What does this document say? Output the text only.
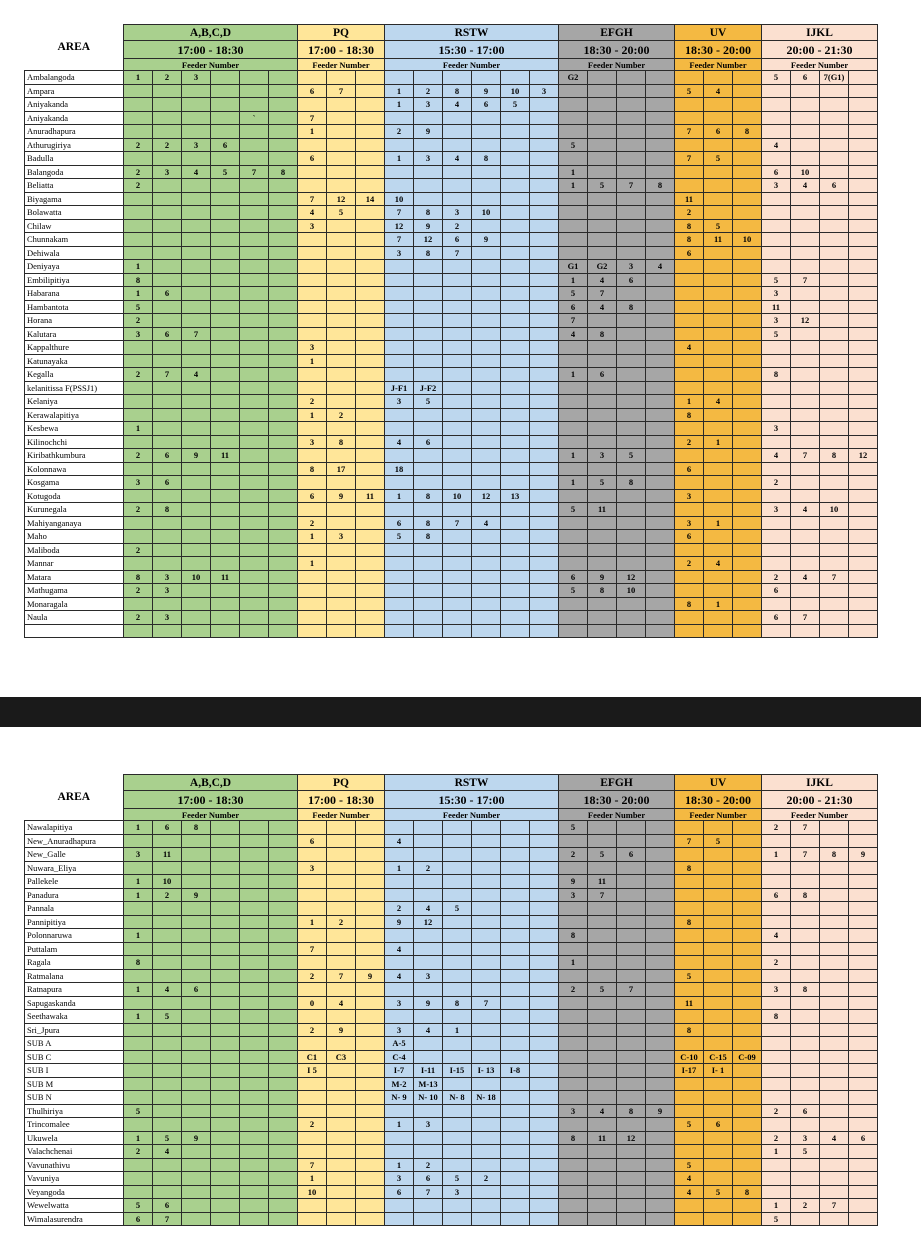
AREA	A,B,C,D						PQ			RSTW						EFGH				UV			IJKL			
	17:00 - 18:30						17:00 - 18:30			15:30 - 17:00						18:30 - 20:00				18:30 - 20:00			20:00 - 21:30			
	Feeder Number						Feeder Number			Feeder Number						Feeder Number				Feeder Number			Feeder Number			
Ambalangoda	1	2	3													G2							5	6	7(G1)	
Ampara							6	7		1	2	8	9	10	3					5	4					
Aniyakanda										1	3	4	6	5												
Aniyakanda					`		7																			
Anuradhapura							1			2	9									7	6	8				
Athurugiriya	2	2	3	6												5							4			
Badulla							6			1	3	4	8							7	5					
Balangoda	2	3	4	5	7	8										1							6	10		
Beliatta	2															1	5	7	8				3	4	6	
Biyagama							7	12	14	10										11						
Bolawatta							4	5		7	8	3	10							2						
Chilaw							3			12	9	2								8	5					
Chunnakam										7	12	6	9							8	11	10				
Dehiwala										3	8	7								6						
Deniyaya	1															G1	G2	3	4							
Embilipitiya	8															1	4	6					5	7		
Habarana	1	6														5	7						3			
Hambantota	5															6	4	8					11			
Horana	2															7							3	12		
Kalutara	3	6	7													4	8						5			
Kappalthure							3													4						
Katunayaka							1																			
Kegalla	2	7	4													1	6						8			
kelanitissa F(PSSJ1)										J-F1	J-F2															
Kelaniya							2			3	5									1	4					
Kerawalapitiya							1	2												8						
Kesbewa	1																						3			
Kilinochchi							3	8		4	6									2	1					
Kiribathkumbura	2	6	9	11												1	3	5					4	7	8	12
Kolonnawa							8	17		18										6						
Kosgama	3	6														1	5	8					2			
Kotugoda							6	9	11	1	8	10	12	13						3						
Kurunegala	2	8														5	11						3	4	10	
Mahiyanganaya							2			6	8	7	4							3	1					
Maho							1	3		5	8									6						
Maliboda	2																									
Mannar							1													2	4					
Matara	8	3	10	11												6	9	12					2	4	7	
Mathugama	2	3														5	8	10					6			
Monaragala																				8	1					
Naula	2	3																					6	7		

AREA	A,B,C,D						PQ			RSTW						EFGH				UV			IJKL			
	17:00 - 18:30						17:00 - 18:30			15:30 - 17:00						18:30 - 20:00				18:30 - 20:00			20:00 - 21:30			
	Feeder Number						Feeder Number			Feeder Number						Feeder Number				Feeder Number			Feeder Number			
Nawalapitiya	1	6	8													5							2	7		
New_Anuradhapura							6			4										7	5					
New_Galle	3	11														2	5	6					1	7	8	9
Nuwara_Eliya							3			1	2									8						
Pallekele	1	10														9	11									
Panadura	1	2	9													3	7						6	8		
Pannala										2	4	5														
Pannipitiya							1	2		9	12									8						
Polonnaruwa	1															8							4			
Puttalam							7			4																
Ragala	8															1							2			
Ratmalana							2	7	9	4	3									5						
Ratnapura	1	4	6													2	5	7					3	8		
Sapugaskanda							0	4		3	9	8	7							11						
Seethawaka	1	5																					8			
Sri_Jpura							2	9		3	4	1								8						
SUB A										A-5																
SUB C							C1	C3		C-4										C-10	C-15	C-09				
SUB I							I 5			I-7	I-11	I-15	I- 13	I-8						I-17	I- 1					
SUB M										M-2	M-13															
SUB N										N- 9	N- 10	N- 8	N- 18													
Thulhiriya	5															3	4	8	9				2	6		
Trincomalee							2			1	3									5	6					
Ukuwela	1	5	9													8	11	12					2	3	4	6
Valachchenai	2	4																					1	5		
Vavunathivu							7			1	2									5						
Vavuniya							1			3	6	5	2							4						
Veyangoda							10			6	7	3								4	5	8				
Wewelwatta	5	6																					1	2	7	
Wimalasurendra	6	7																					5			
